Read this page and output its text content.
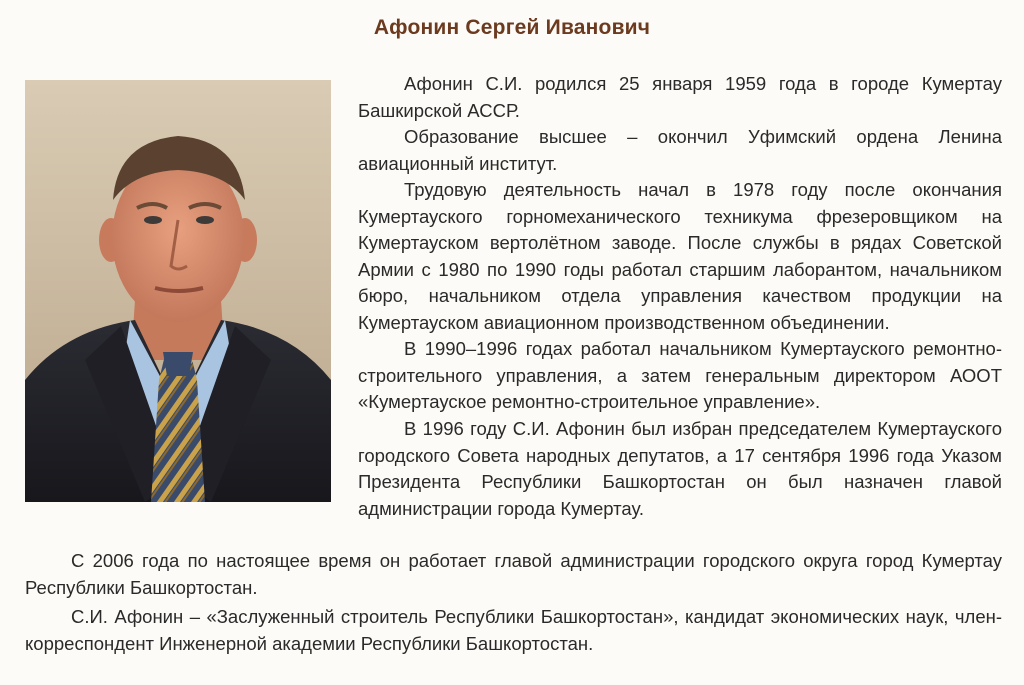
Афонин Сергей Иванович

Афонин С.И. родился 25 января 1959 года в городе Кумертау Башкирской АССР.

Образование высшее – окончил Уфимский ордена Ленина авиационный институт.

Трудовую деятельность начал в 1978 году после окончания Кумертауского горномеханического техникума фрезеровщиком на Кумертауском вертолётном заводе. После службы в рядах Советской Армии с 1980 по 1990 годы работал старшим лаборантом, начальником бюро, начальником отдела управления качеством продукции на Кумертауском авиационном производственном объединении.

В 1990–1996 годах работал начальником Кумертауского ремонтно-строительного управления, а затем генеральным директором АООТ «Кумертауское ремонтно-строительное управление».

В 1996 году С.И. Афонин был избран председателем Кумертауского городского Совета народных депутатов, а 17 сентября 1996 года Указом Президента Республики Башкортостан он был назначен главой администрации города Кумертау.

С 2006 года по настоящее время он работает главой администрации городского округа город Кумертау Республики Башкортостан.

С.И. Афонин – «Заслуженный строитель Республики Башкортостан», кандидат экономических наук, член-корреспондент Инженерной академии Республики Башкортостан.
